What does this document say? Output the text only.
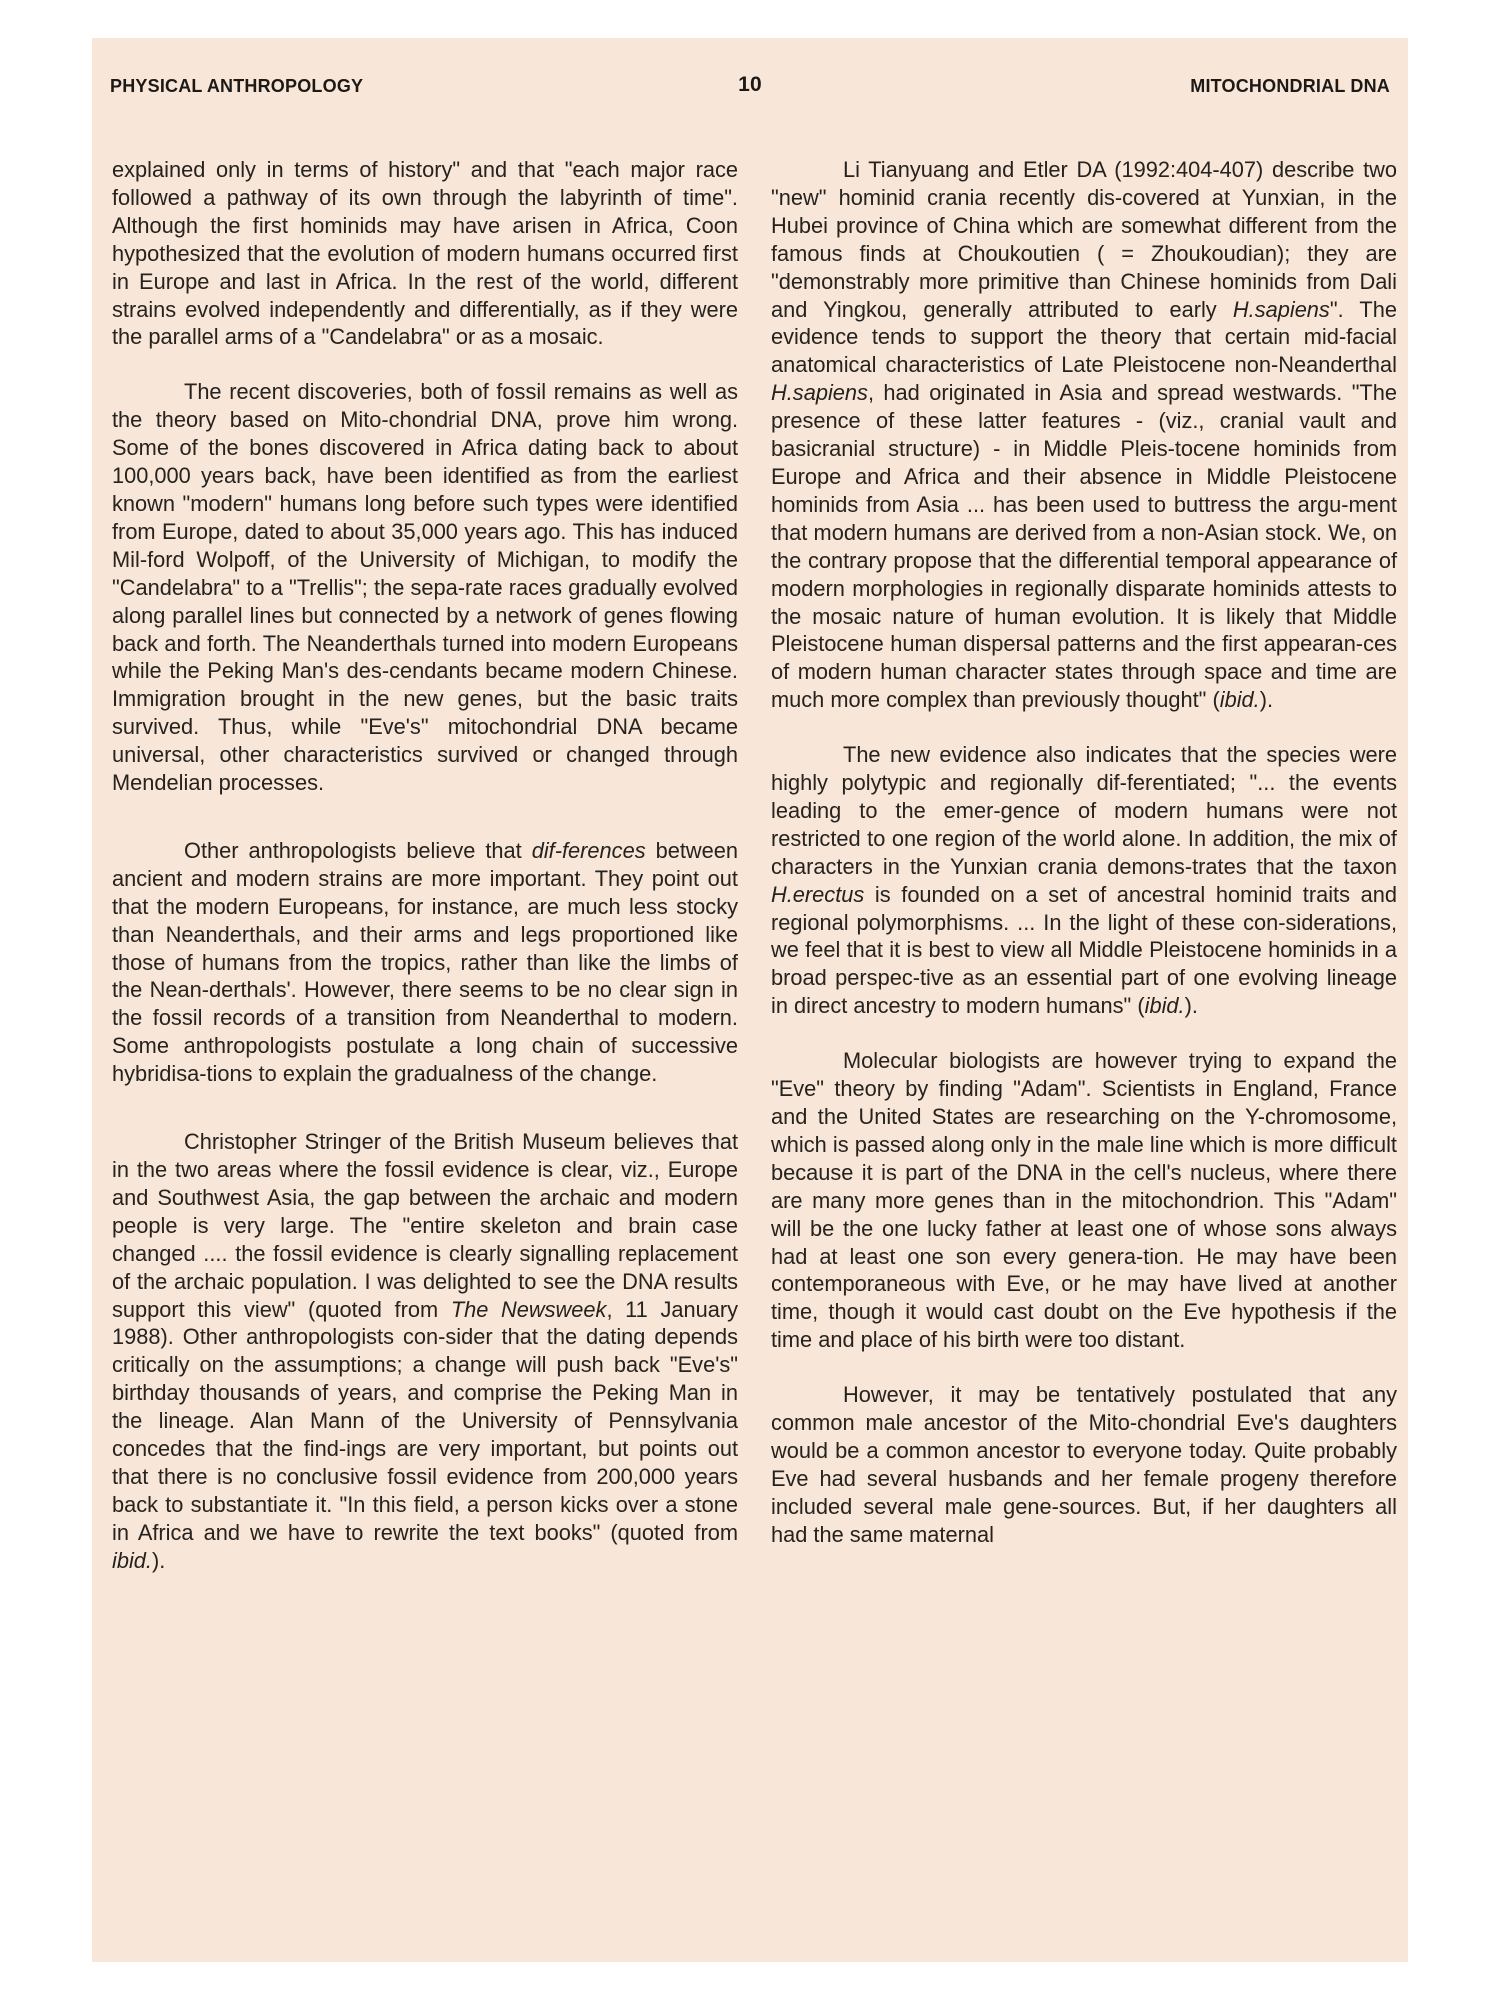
PHYSICAL ANTHROPOLOGY	10	MITOCHONDRIAL DNA

explained only in terms of history" and that "each major race followed a pathway of its own through the labyrinth of time". Although the first hominids may have arisen in Africa, Coon hypothesized that the evolution of modern humans occurred first in Europe and last in Africa. In the rest of the world, different strains evolved independently and differentially, as if they were the parallel arms of a "Candelabra" or as a mosaic.

The recent discoveries, both of fossil remains as well as the theory based on Mito-chondrial DNA, prove him wrong. Some of the bones discovered in Africa dating back to about 100,000 years back, have been identified as from the earliest known "modern" humans long before such types were identified from Europe, dated to about 35,000 years ago. This has induced Mil-ford Wolpoff, of the University of Michigan, to modify the "Candelabra" to a "Trellis"; the sepa-rate races gradually evolved along parallel lines but connected by a network of genes flowing back and forth. The Neanderthals turned into modern Europeans while the Peking Man's des-cendants became modern Chinese. Immigration brought in the new genes, but the basic traits survived. Thus, while "Eve's" mitochondrial DNA became universal, other characteristics survived or changed through Mendelian processes.

Other anthropologists believe that dif-ferences between ancient and modern strains are more important. They point out that the modern Europeans, for instance, are much less stocky than Neanderthals, and their arms and legs proportioned like those of humans from the tropics, rather than like the limbs of the Nean-derthals'. However, there seems to be no clear sign in the fossil records of a transition from Neanderthal to modern. Some anthropologists postulate a long chain of successive hybridisa-tions to explain the gradualness of the change.

Christopher Stringer of the British Museum believes that in the two areas where the fossil evidence is clear, viz., Europe and Southwest Asia, the gap between the archaic and modern people is very large. The "entire skeleton and brain case changed .... the fossil evidence is clearly signalling replacement of the archaic population. I was delighted to see the DNA results support this view" (quoted from The Newsweek, 11 January 1988). Other anthropologists con-sider that the dating depends critically on the assumptions; a change will push back "Eve's" birthday thousands of years, and comprise the Peking Man in the lineage. Alan Mann of the University of Pennsylvania concedes that the find-ings are very important, but points out that there is no conclusive fossil evidence from 200,000 years back to substantiate it. "In this field, a person kicks over a stone in Africa and we have to rewrite the text books" (quoted from ibid.).

Li Tianyuang and Etler DA (1992:404-407) describe two "new" hominid crania recently dis-covered at Yunxian, in the Hubei province of China which are somewhat different from the famous finds at Choukoutien ( = Zhoukoudian); they are "demonstrably more primitive than Chinese hominids from Dali and Yingkou, generally attributed to early H.sapiens". The evidence tends to support the theory that certain mid-facial anatomical characteristics of Late Pleistocene non-Neanderthal H.sapiens, had originated in Asia and spread westwards. "The presence of these latter features - (viz., cranial vault and basicranial structure) - in Middle Pleis-tocene hominids from Europe and Africa and their absence in Middle Pleistocene hominids from Asia ... has been used to buttress the argu-ment that modern humans are derived from a non-Asian stock. We, on the contrary propose that the differential temporal appearance of modern morphologies in regionally disparate hominids attests to the mosaic nature of human evolution. It is likely that Middle Pleistocene human dispersal patterns and the first appearan-ces of modern human character states through space and time are much more complex than previously thought" (ibid.).

The new evidence also indicates that the species were highly polytypic and regionally dif-ferentiated; "... the events leading to the emer-gence of modern humans were not restricted to one region of the world alone. In addition, the mix of characters in the Yunxian crania demons-trates that the taxon H.erectus is founded on a set of ancestral hominid traits and regional polymorphisms. ... In the light of these con-siderations, we feel that it is best to view all Middle Pleistocene hominids in a broad perspec-tive as an essential part of one evolving lineage in direct ancestry to modern humans" (ibid.).

Molecular biologists are however trying to expand the "Eve" theory by finding "Adam". Scientists in England, France and the United States are researching on the Y-chromosome, which is passed along only in the male line which is more difficult because it is part of the DNA in the cell's nucleus, where there are many more genes than in the mitochondrion. This "Adam" will be the one lucky father at least one of whose sons always had at least one son every genera-tion. He may have been contemporaneous with Eve, or he may have lived at another time, though it would cast doubt on the Eve hypothesis if the time and place of his birth were too distant.

However, it may be tentatively postulated that any common male ancestor of the Mito-chondrial Eve's daughters would be a common ancestor to everyone today. Quite probably Eve had several husbands and her female progeny therefore included several male gene-sources. But, if her daughters all had the same maternal
